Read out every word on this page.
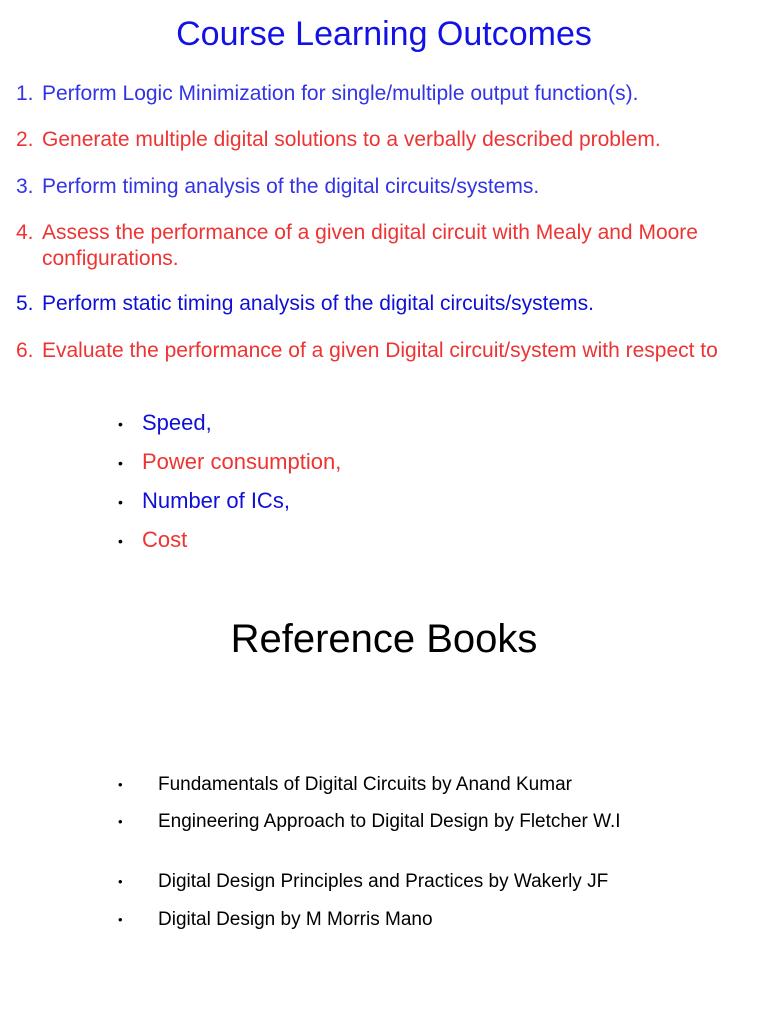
Course Learning Outcomes
1. Perform Logic Minimization for single/multiple output function(s).
2. Generate multiple digital solutions to a verbally described problem.
3. Perform timing analysis of the digital circuits/systems.
4. Assess the performance of a given digital circuit with Mealy and Moore configurations.
5. Perform static timing analysis of the digital circuits/systems.
6. Evaluate the performance of a given Digital circuit/system with respect to
• Speed,
• Power consumption,
• Number of ICs,
• Cost
Reference Books
•	Fundamentals of Digital Circuits by Anand Kumar
•	Engineering Approach to Digital Design by Fletcher W.I
•	Digital Design Principles and Practices by Wakerly JF
•	Digital Design by M Morris Mano
